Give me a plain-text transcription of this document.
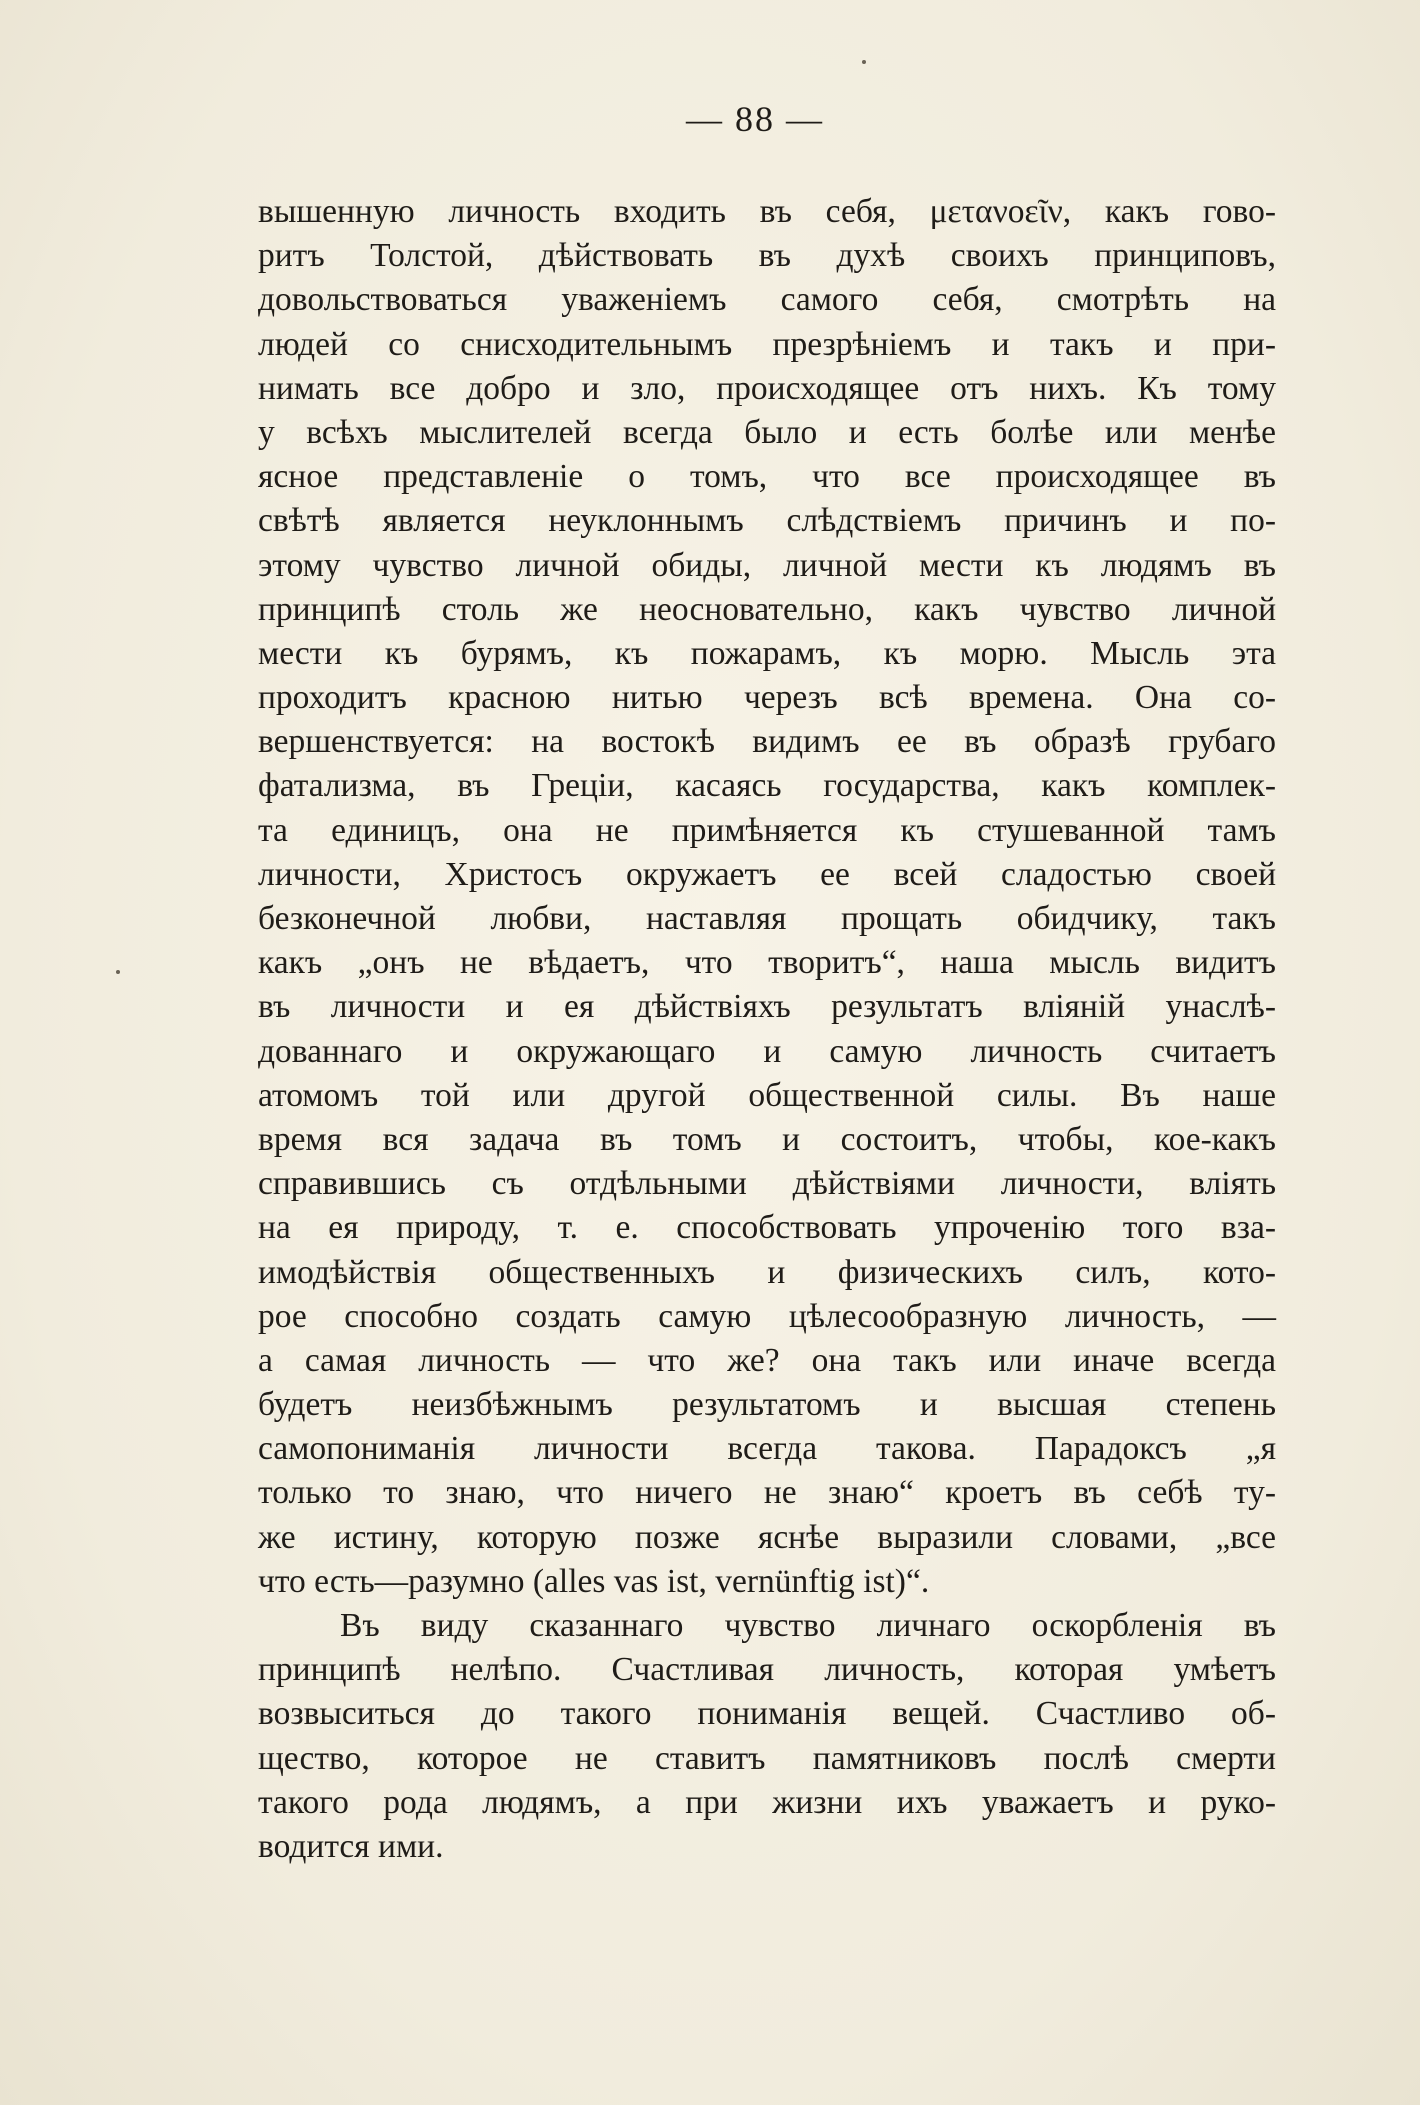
— 88 —
вышенную личность входить въ себя, μετανοεῖν, какъ гово-
ритъ Толстой, дѣйствовать въ духѣ своихъ принциповъ,
довольствоваться уваженіемъ самого себя, смотрѣть на
людей со снисходительнымъ презрѣніемъ и такъ и при-
нимать все добро и зло, происходящее отъ нихъ. Къ тому
у всѣхъ мыслителей всегда было и есть болѣе или менѣе
ясное представленіе о томъ, что все происходящее въ
свѣтѣ является неуклоннымъ слѣдствіемъ причинъ и по-
этому чувство личной обиды, личной мести къ людямъ въ
принципѣ столь же неосновательно, какъ чувство личной
мести къ бурямъ, къ пожарамъ, къ морю. Мысль эта
проходитъ красною нитью черезъ всѣ времена. Она со-
вершенствуется: на востокѣ видимъ ее въ образѣ грубаго
фатализма, въ Греціи, касаясь государства, какъ комплек-
та единицъ, она не примѣняется къ стушеванной тамъ
личности, Христосъ окружаетъ ее всей сладостью своей
безконечной любви, наставляя прощать обидчику, такъ
какъ „онъ не вѣдаетъ, что творитъ“, наша мысль видитъ
въ личности и ея дѣйствіяхъ результатъ вліяній унаслѣ-
дованнаго и окружающаго и самую личность считаетъ
атомомъ той или другой общественной силы. Въ наше
время вся задача въ томъ и состоитъ, чтобы, кое-какъ
справившись съ отдѣльными дѣйствіями личности, вліять
на ея природу, т. е. способствовать упроченію того вза-
имодѣйствія общественныхъ и физическихъ силъ, кото-
рое способно создать самую цѣлесообразную личность, —
а самая личность — что же? она такъ или иначе всегда
будетъ неизбѣжнымъ результатомъ и высшая степень
самопониманія личности всегда такова. Парадоксъ „я
только то знаю, что ничего не знаю“ кроетъ въ себѣ ту-
же истину, которую позже яснѣе выразили словами, „все
что есть—разумно (alles vas ist, vernünftig ist)“.
Въ виду сказаннаго чувство личнаго оскорбленія въ
принципѣ нелѣпо. Счастливая личность, которая умѣетъ
возвыситься до такого пониманія вещей. Счастливо об-
щество, которое не ставитъ памятниковъ послѣ смерти
такого рода людямъ, а при жизни ихъ уважаетъ и руко-
водится ими.
